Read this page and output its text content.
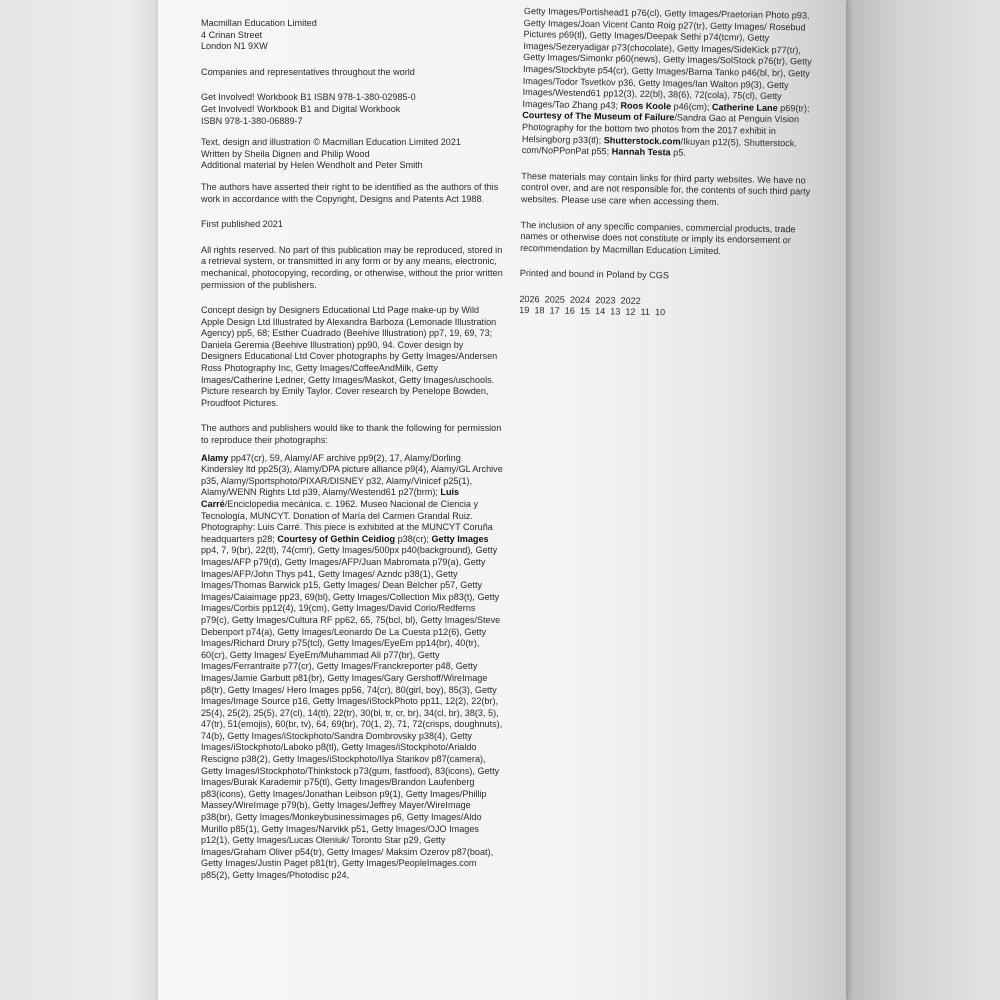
Macmillan Education Limited

4 Crinan Street

London N1 9XW

Companies and representatives throughout the world

Get Involved! Workbook B1 ISBN 978-1-380-02985-0

Get Involved! Workbook B1 and Digital Workbook

ISBN 978-1-380-06889-7

Text, design and illustration © Macmillan Education Limited 2021

Written by Sheila Dignen and Philip Wood

Additional material by Helen Wendholt and Peter Smith

The authors have asserted their right to be identified as the authors of this work in accordance with the Copyright, Designs and Patents Act 1988.
First published 2021
All rights reserved. No part of this publication may be reproduced, stored in a retrieval system, or transmitted in any form or by any means, electronic, mechanical, photocopying, recording, or otherwise, without the prior written permission of the publishers.
Concept design by Designers Educational Ltd Page make-up by Wild Apple Design Ltd Illustrated by Alexandra Barboza (Lemonade Illustration Agency) pp5, 68; Esther Cuadrado (Beehive Illustration) pp7, 19, 69, 73; Daniela Geremia (Beehive Illustration) pp90, 94. Cover design by Designers Educational Ltd Cover photographs by Getty Images/Andersen Ross Photography Inc, Getty Images/CoffeeAndMilk, Getty Images/Catherine Ledner, Getty Images/Maskot, Getty Images/uschools. Picture research by Emily Taylor. Cover research by Penelope Bowden, Proudfoot Pictures.
The authors and publishers would like to thank the following for permission to reproduce their photographs:
Alamy pp47(cr), 59, Alamy/AF archive pp9(2), 17, Alamy/Dorling Kindersley ltd pp25(3), Alamy/DPA picture alliance p9(4), Alamy/GL Archive p35, Alamy/Sportsphoto/PIXAR/DISNEY p32, Alamy/Vinicef p25(1), Alamy/WENN Rights Ltd p39, Alamy/Westend61 p27(brm); Luis Carré/Enciclopedia mecánica. c. 1962. Museo Nacional de Ciencia y Tecnología, MUNCYT. Donation of María del Carmen Grandal Ruiz. Photography: Luis Carré. This piece is exhibited at the MUNCYT Coruña headquarters p28; Courtesy of Gethin Ceidiog p38(cr); Getty Images pp4, 7, 9(br), 22(tl), 74(cmr), Getty Images/500px p40(background), Getty Images/AFP p79(d), Getty Images/AFP/Juan Mabromata p79(a), Getty Images/AFP/John Thys p41, Getty Images/ Azndc p38(1), Getty Images/Thomas Barwick p15, Getty Images/ Dean Belcher p57, Getty Images/Caiaimage pp23, 69(bl), Getty Images/Collection Mix p83(t), Getty Images/Corbis pp12(4), 19(cm), Getty Images/David Corio/Redferns p79(c), Getty Images/Cultura RF pp62, 65, 75(bcl, bl), Getty Images/Steve Debenport p74(a), Getty Images/Leonardo De La Cuesta p12(6), Getty Images/Richard Drury p75(tcl), Getty Images/EyeEm pp14(br), 40(tr), 60(cr), Getty Images/ EyeEm/Muhammad Ali p77(br), Getty Images/Ferrantraite p77(cr), Getty Images/Franckreporter p48, Getty Images/Jamie Garbutt p81(br), Getty Images/Gary Gershoff/WireImage p8(tr), Getty Images/ Hero Images pp56, 74(cr), 80(girl, boy), 85(3), Getty Images/Image Source p16, Getty Images/iStockPhoto pp11, 12(2), 22(br), 25(4), 25(2), 25(5), 27(cl), 14(tl), 22(tr), 30(bl, tr, cr, br), 34(cl, br), 38(3, 5), 47(tr), 51(emojis), 60(br, tv), 64, 69(br), 70(1, 2), 71, 72(crisps, doughnuts), 74(b), Getty Images/iStockphoto/Sandra Dombrovsky p38(4), Getty Images/iStockphoto/Laboko p8(tl), Getty Images/iStockphoto/Arialdo Rescigno p38(2), Getty Images/iStockphoto/Ilya Starikov p87(camera), Getty Images/iStockphoto/Thinkstock p73(gum, fastfood), 83(icons), Getty Images/Burak Karademir p75(tl), Getty Images/Brandon Laufenberg p83(icons), Getty Images/Jonathan Leibson p9(1), Getty Images/Phillip Massey/WireImage p79(b), Getty Images/Jeffrey Mayer/WireImage p38(br), Getty Images/Monkeybusinessimages p6, Getty Images/Aldo Murillo p85(1), Getty Images/Narvikk p51, Getty Images/OJO Images p12(1), Getty Images/Lucas Oleniuk/ Toronto Star p29, Getty Images/Graham Oliver p54(tr), Getty Images/ Maksim Ozerov p87(boat), Getty Images/Justin Paget p81(tr), Getty Images/PeopleImages.com p85(2), Getty Images/Photodisc p24,
Getty Images/Portishead1 p76(cl), Getty Images/Praetorian Photo p93, Getty Images/Joan Vicent Canto Roig p27(tr), Getty Images/ Rosebud Pictures p69(tl), Getty Images/Deepak Sethi p74(tcmr), Getty Images/Sezeryadigar p73(chocolate), Getty Images/SideKick p77(tr), Getty Images/Simonkr p60(news), Getty Images/SolStock p76(tr), Getty Images/Stockbyte p54(cr), Getty Images/Barna Tanko p46(bl, br), Getty Images/Todor Tsvetkov p36, Getty Images/Ian Walton p9(3), Getty Images/Westend61 pp12(3), 22(bl), 38(6), 72(cola), 75(cl), Getty Images/Tao Zhang p43; Roos Koole p46(cm); Catherine Lane p69(tr); Courtesy of The Museum of Failure/Sandra Gao at Penguin Vision Photography for the bottom two photos from the 2017 exhibit in Helsingborg p33(tl); Shutterstock.com/Ikuyan p12(5), Shutterstock. com/NoPPonPat p55; Hannah Testa p5.
These materials may contain links for third party websites. We have no control over, and are not responsible for, the contents of such third party websites. Please use care when accessing them.
The inclusion of any specific companies, commercial products, trade names or otherwise does not constitute or imply its endorsement or recommendation by Macmillan Education Limited.
Printed and bound in Poland by CGS

2026  2025  2024  2023  2022

19  18  17  16  15  14  13  12  11  10
